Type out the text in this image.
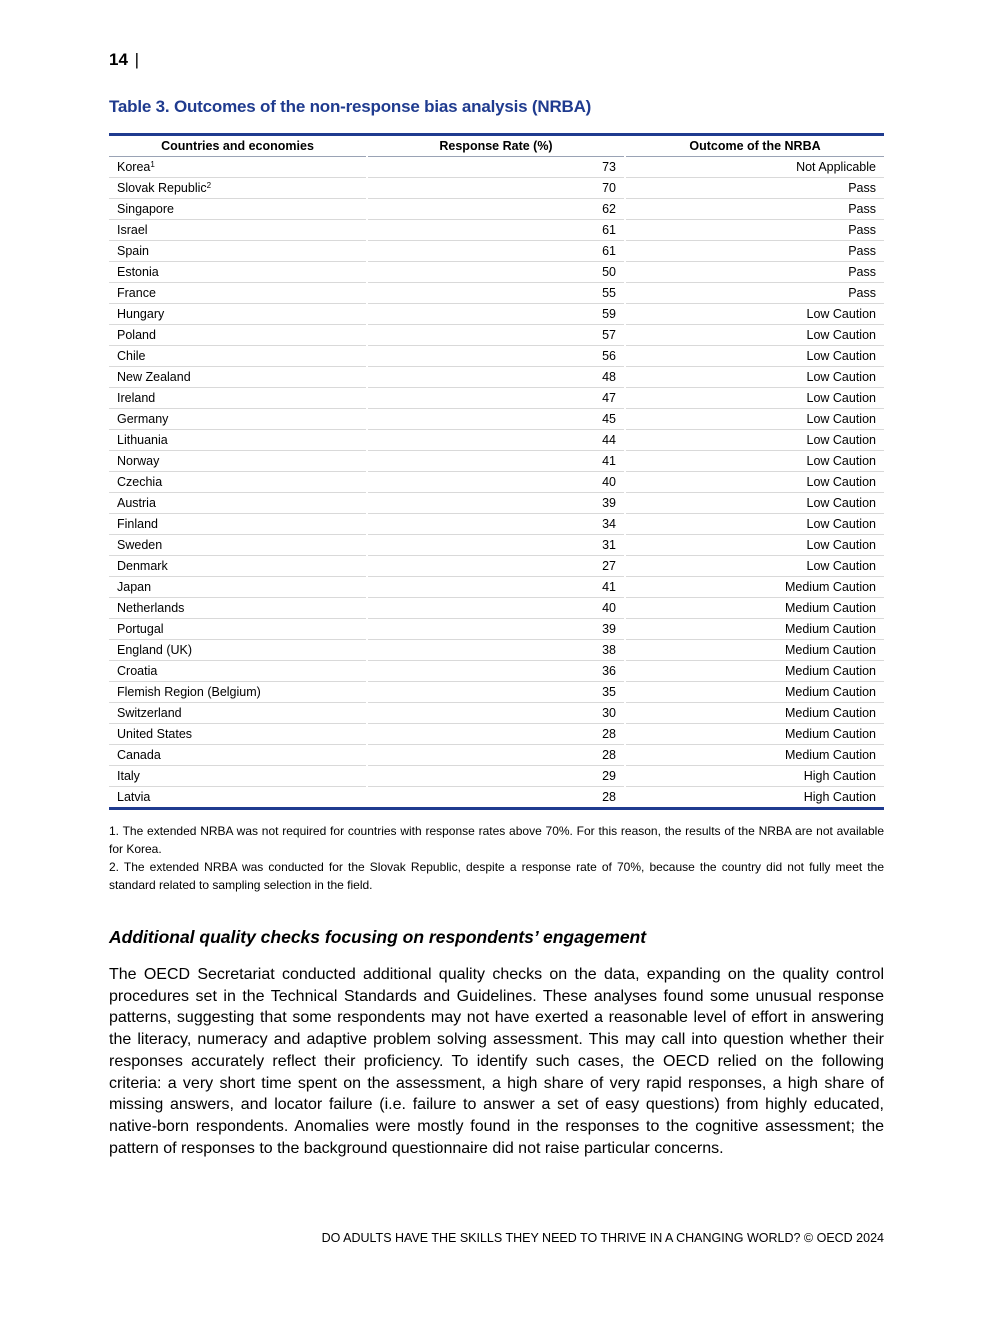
14 |
Table 3. Outcomes of the non-response bias analysis (NRBA)
Countries and economies	Response Rate (%)	Outcome of the NRBA
Korea$^1$	73	Not Applicable
Slovak Republic$^2$	70	Pass
Singapore	62	Pass
Israel	61	Pass
Spain	61	Pass
Estonia	50	Pass
France	55	Pass
Hungary	59	Low Caution
Poland	57	Low Caution
Chile	56	Low Caution
New Zealand	48	Low Caution
Ireland	47	Low Caution
Germany	45	Low Caution
Lithuania	44	Low Caution
Norway	41	Low Caution
Czechia	40	Low Caution
Austria	39	Low Caution
Finland	34	Low Caution
Sweden	31	Low Caution
Denmark	27	Low Caution
Japan	41	Medium Caution
Netherlands	40	Medium Caution
Portugal	39	Medium Caution
England (UK)	38	Medium Caution
Croatia	36	Medium Caution
Flemish Region (Belgium)	35	Medium Caution
Switzerland	30	Medium Caution
United States	28	Medium Caution
Canada	28	Medium Caution
Italy	29	High Caution
Latvia	28	High Caution

1. The extended NRBA was not required for countries with response rates above 70%. For this reason, the results of the NRBA are not available for Korea.

2. The extended NRBA was conducted for the Slovak Republic, despite a response rate of 70%, because the country did not fully meet the standard related to sampling selection in the field.

Additional quality checks focusing on respondents’ engagement

The OECD Secretariat conducted additional quality checks on the data, expanding on the quality control procedures set in the Technical Standards and Guidelines. These analyses found some unusual response patterns, suggesting that some respondents may not have exerted a reasonable level of effort in answering the literacy, numeracy and adaptive problem solving assessment. This may call into question whether their responses accurately reflect their proficiency. To identify such cases, the OECD relied on the following criteria: a very short time spent on the assessment, a high share of very rapid responses, a high share of missing answers, and locator failure (i.e. failure to answer a set of easy questions) from highly educated, native-born respondents. Anomalies were mostly found in the responses to the cognitive assessment; the pattern of responses to the background questionnaire did not raise particular concerns.

DO ADULTS HAVE THE SKILLS THEY NEED TO THRIVE IN A CHANGING WORLD? © OECD 2024
